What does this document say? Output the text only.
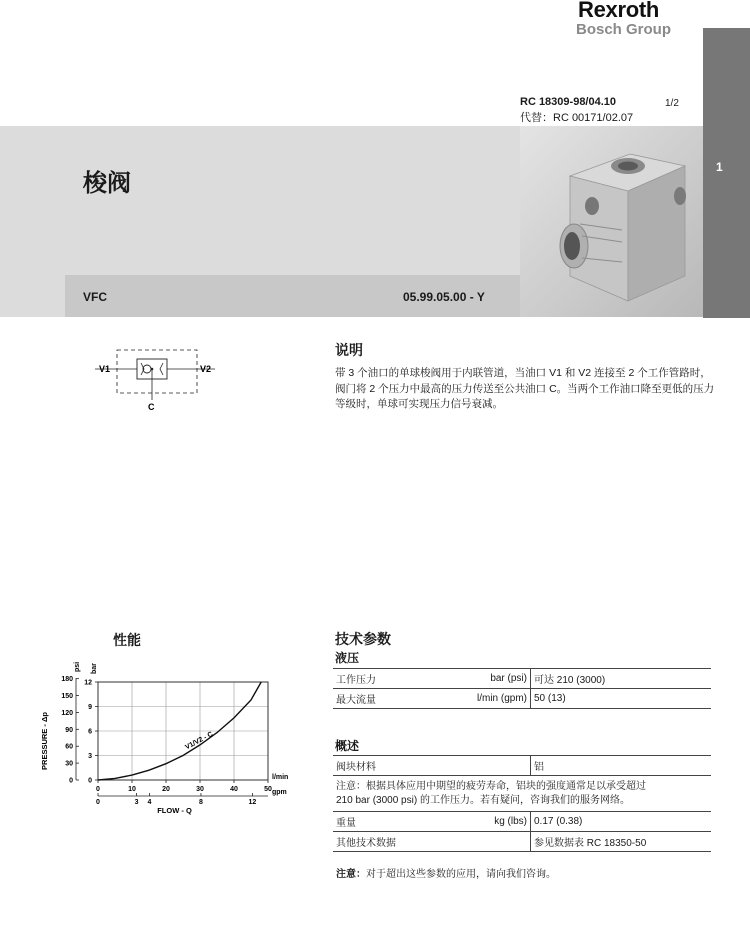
Rexroth
Bosch Group
1
RC 18309-98/04.10
代替：RC 00171/02.07
1/2
梭阀
VFC	05.99.05.00 - Y
V1	V2
C
说明
带 3 个油口的单球梭阀用于内联管道，当油口 V1 和 V2 连接至 2 个工作管路时，阀门将 2 个压力中最高的压力传送至公共油口 C。当两个工作油口降至更低的压力等级时，单球可实现压力信号衰减。
性能
0	10	20	30	40	50
0	3 4	8	12
0
3
6
9
12
0
30
60
90
120
150
180
V1/V2 - C
FLOW - Q
PRESSURE - Δp
l/min
gpm
bar
psi
技术参数
液压
工作压力	bar (psi)	可达 210 (3000)
最大流量	l/min (gpm)	50 (13)
概述
阀块材料		铝
注意：根据具体应用中期望的疲劳寿命，铝块的强度通常足以承受超过
210 bar (3000 psi) 的工作压力。若有疑问，咨询我们的服务网络。		
重量	kg (lbs)	0.17 (0.38)
其他技术数据		参见数据表 RC 18350-50
注意：对于超出这些参数的应用，请向我们咨询。
